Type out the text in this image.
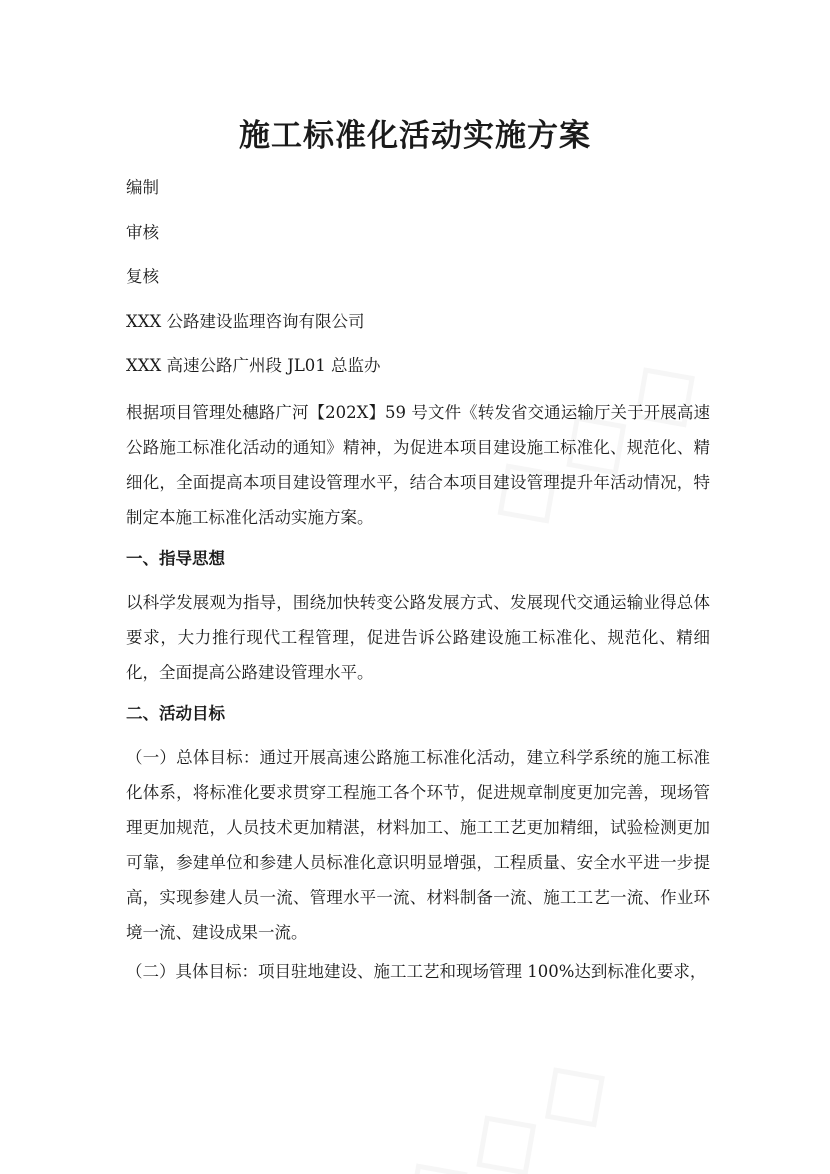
施工标准化活动实施方案

编制

审核

复核

XXX 公路建设监理咨询有限公司

XXX 高速公路广州段 JL01 总监办

根据项目管理处穗路广河【202X】59 号文件《转发省交通运输厅关于开展高速公路施工标准化活动的通知》精神，为促进本项目建设施工标准化、规范化、精细化，全面提高本项目建设管理水平，结合本项目建设管理提升年活动情况，特制定本施工标准化活动实施方案。

一、指导思想

以科学发展观为指导，围绕加快转变公路发展方式、发展现代交通运输业得总体要求，大力推行现代工程管理，促进告诉公路建设施工标准化、规范化、精细化，全面提高公路建设管理水平。

二、活动目标

（一）总体目标：通过开展高速公路施工标准化活动，建立科学系统的施工标准化体系，将标准化要求贯穿工程施工各个环节，促进规章制度更加完善，现场管理更加规范，人员技术更加精湛，材料加工、施工工艺更加精细，试验检测更加可靠，参建单位和参建人员标准化意识明显增强，工程质量、安全水平进一步提高，实现参建人员一流、管理水平一流、材料制备一流、施工工艺一流、作业环境一流、建设成果一流。

（二）具体目标：项目驻地建设、施工工艺和现场管理 100%达到标准化要求，
